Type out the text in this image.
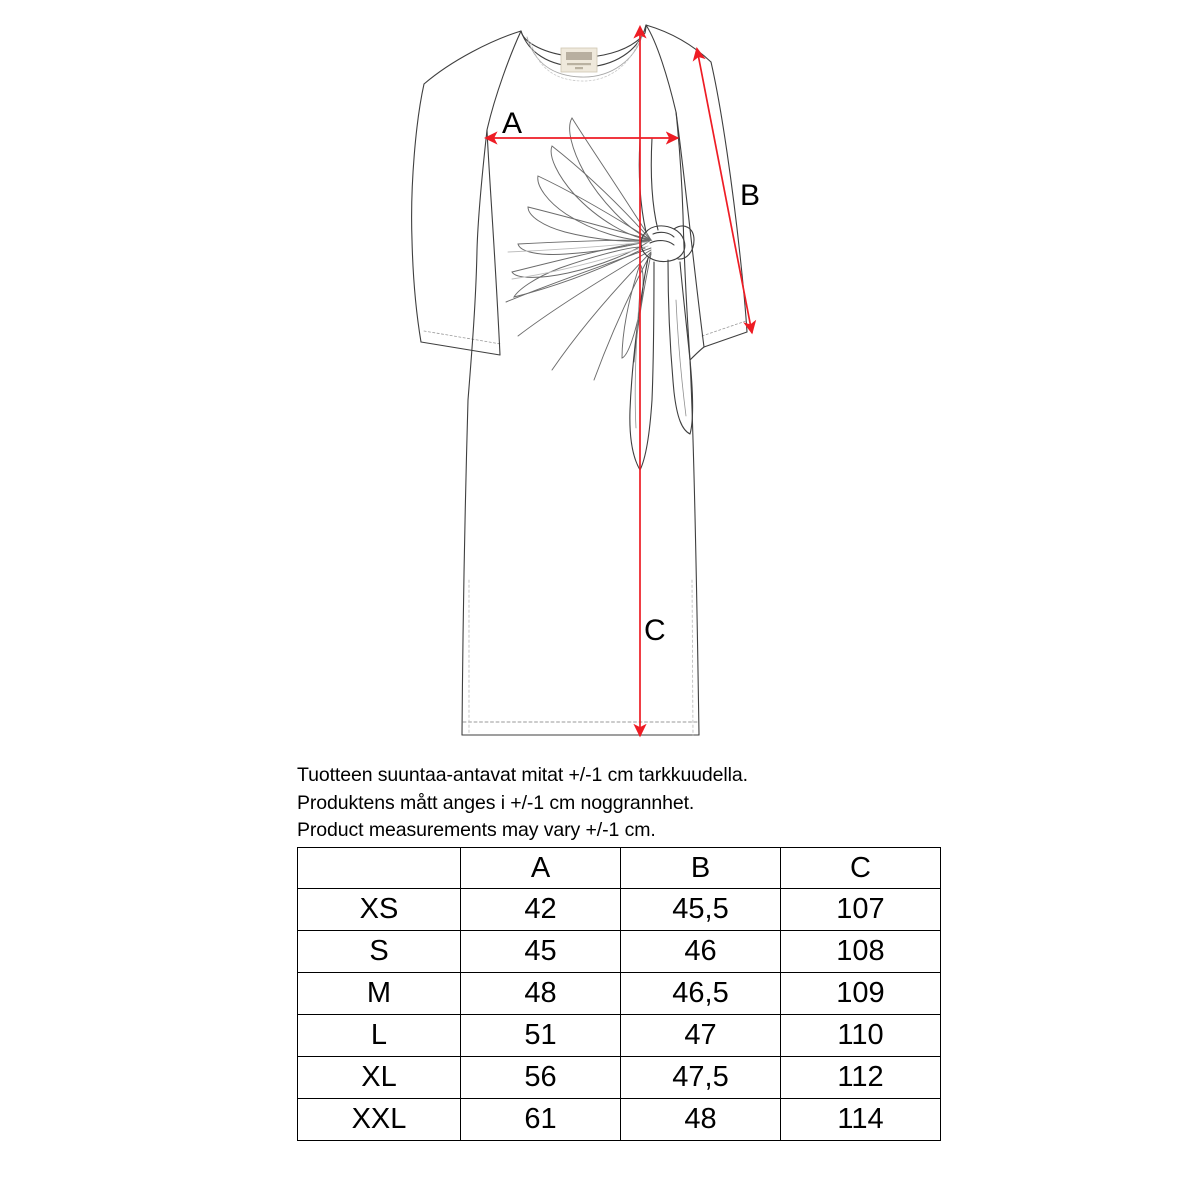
A
B
C
Tuotteen suuntaa-antavat mitat +/-1 cm tarkkuudella.
Produktens mått anges i +/-1 cm noggrannhet.
Product measurements may vary +/-1 cm.
	A	B	C
XS	42	45,5	107
S	45	46	108
M	48	46,5	109
L	51	47	110
XL	56	47,5	112
XXL	61	48	114
